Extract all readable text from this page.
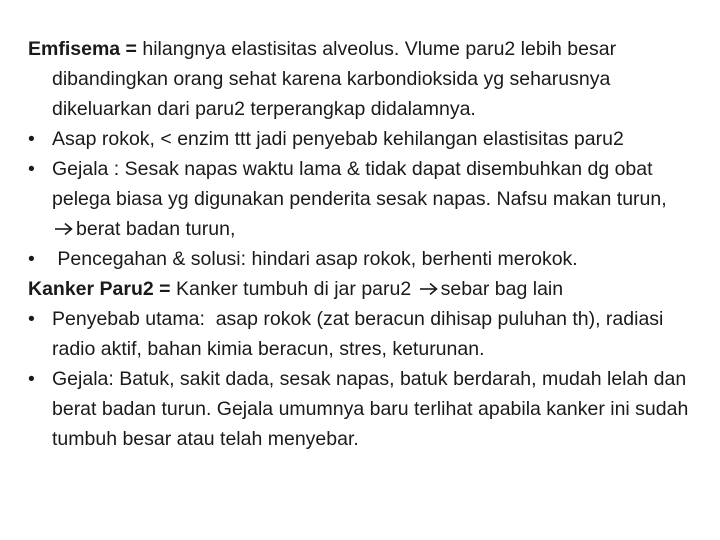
Emfisema = hilangnya elastisitas alveolus. Vlume paru2 lebih besar dibandingkan orang sehat karena karbondioksida yg seharusnya dikeluarkan dari paru2 terperangkap didalamnya.

• Asap rokok, < enzim ttt jadi penyebab kehilangan elastisitas paru2

• Gejala : Sesak napas waktu lama & tidak dapat disembuhkan dg obat pelega biasa yg digunakan penderita sesak napas. Nafsu makan turun, berat badan turun,

• Pencegahan & solusi: hindari asap rokok, berhenti merokok.

Kanker Paru2 = Kanker tumbuh di jar paru2 sebar bag lain

• Penyebab utama:  asap rokok (zat beracun dihisap puluhan th), radiasi radio aktif, bahan kimia beracun, stres, keturunan.

• Gejala: Batuk, sakit dada, sesak napas, batuk berdarah, mudah lelah dan berat badan turun. Gejala umumnya baru terlihat apabila kanker ini sudah tumbuh besar atau telah menyebar.
